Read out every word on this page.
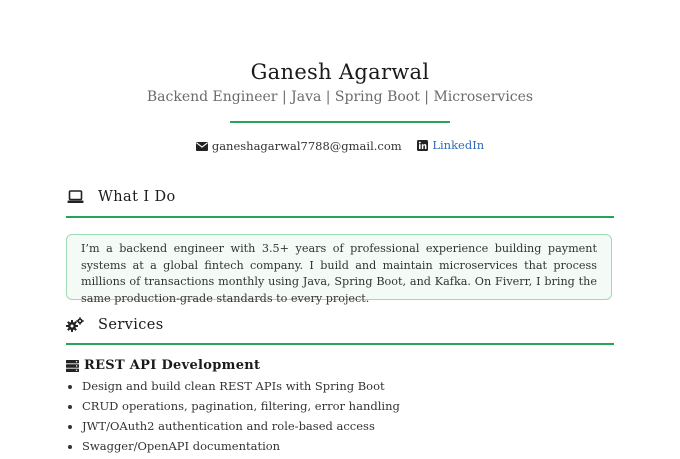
Ganesh Agarwal
Backend Engineer | Java | Spring Boot | Microservices
ganeshagarwal7788@gmail.com
	LinkedIn
What I Do
I’m a backend engineer with 3.5+ years of professional experience building payment systems at a global fintech company. I build and maintain microservices that process millions of transactions monthly using Java, Spring Boot, and Kafka. On Fiverr, I bring the same production-grade standards to every project.
Services
REST API Development
• Design and build clean REST APIs with Spring Boot
• CRUD operations, pagination, filtering, error handling
• JWT/OAuth2 authentication and role-based access
• Swagger/OpenAPI documentation
